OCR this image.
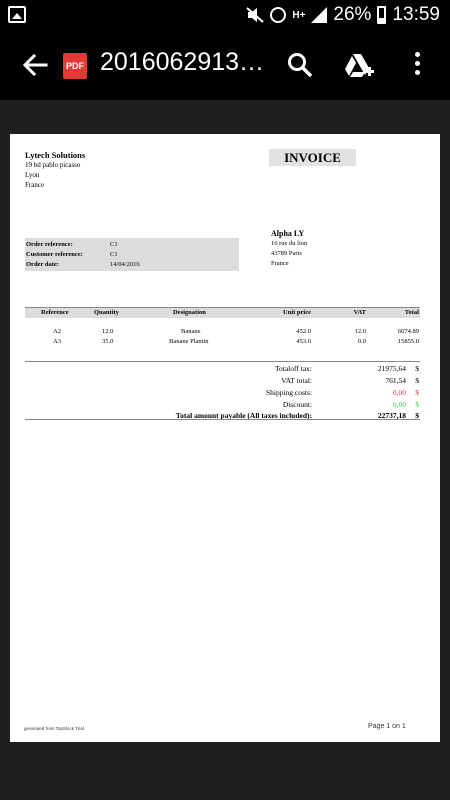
H+ 26% 13:59
PDF 2016062913…
Lytech Solutions
19 bd pablo picasso
Lyon
France
INVOICE
Order reference:	C1
Customer reference:	C1
Order date:	14/04/2016
Alpha LY
16 rue du lion
43789 Paris
France
Reference	Quantity	Designation	Unit price	VAT	Total
A2	12.0	Banane	452.0	12.0	6074.89
A3	35.0	Banane Plantin	453.0	0.0	15855.0
Totaloff tax:	21975,64 $
VAT total:	761,54 $
Shipping costs:	0,00 $
Discount:	0,00 $
Total amount payable (All taxes included):	22737,18 $
generated from TopSlock Trial	Page 1 on 1
